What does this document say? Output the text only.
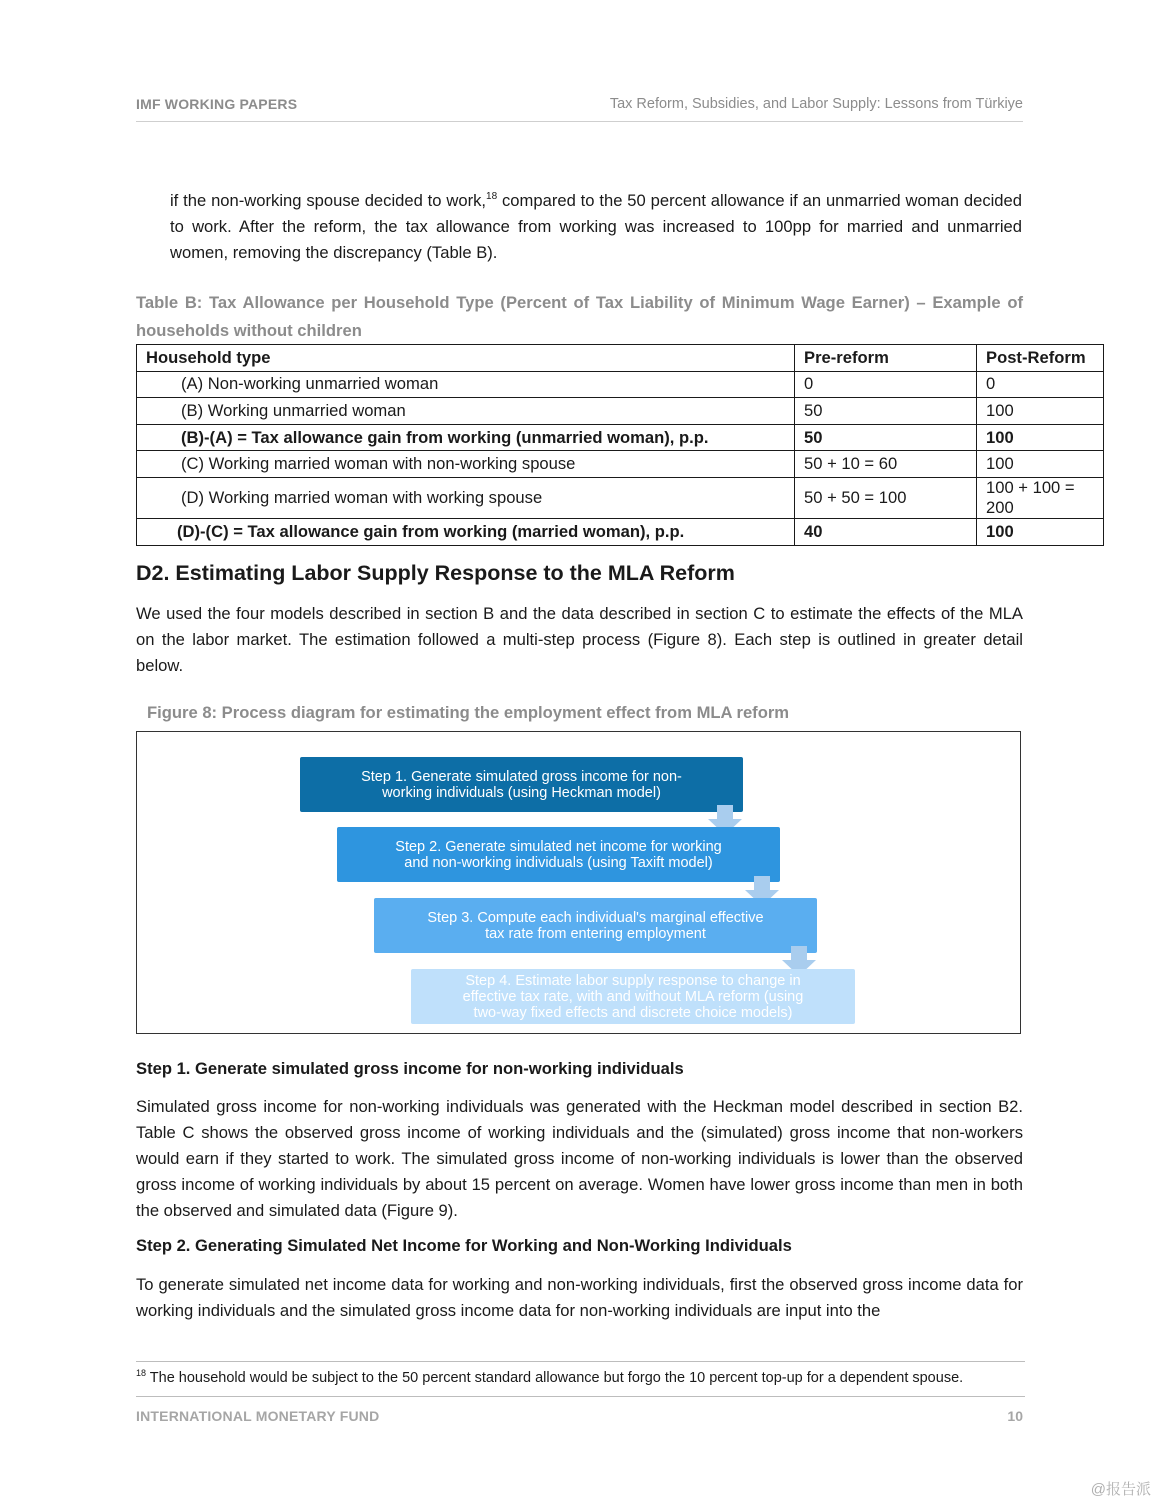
IMF WORKING PAPERS	Tax Reform, Subsidies, and Labor Supply: Lessons from Türkiye
if the non-working spouse decided to work,$^{18}$ compared to the 50 percent allowance if an unmarried woman decided to work. After the reform, the tax allowance from working was increased to 100pp for married and unmarried women, removing the discrepancy (Table B).
Table B: Tax Allowance per Household Type (Percent of Tax Liability of Minimum Wage Earner) – Example of households without children
Household type	Pre-reform	Post-Reform
(A) Non-working unmarried woman	0	0
(B) Working unmarried woman	50	100
(B)-(A) = Tax allowance gain from working (unmarried woman), p.p.	50	100
(C) Working married woman with non-working spouse	50 + 10 = 60	100
(D) Working married woman with working spouse	50 + 50 = 100	100 + 100 = 200
(D)-(C) = Tax allowance gain from working (married woman), p.p.	40	100
D2. Estimating Labor Supply Response to the MLA Reform
We used the four models described in section B and the data described in section C to estimate the effects of the MLA on the labor market. The estimation followed a multi-step process (Figure 8). Each step is outlined in greater detail below.
Figure 8: Process diagram for estimating the employment effect from MLA reform
Step 1. Generate simulated gross income for non-
working individuals (using Heckman model)
Step 2. Generate simulated net income for working
and non-working individuals (using Taxift model)
Step 3. Compute each individual's marginal effective
tax rate from entering employment
Step 4. Estimate labor supply response to change in
effective tax rate, with and without MLA reform (using
two-way fixed effects and discrete choice models)
Step 1. Generate simulated gross income for non-working individuals
Simulated gross income for non-working individuals was generated with the Heckman model described in section B2. Table C shows the observed gross income of working individuals and the (simulated) gross income that non-workers would earn if they started to work. The simulated gross income of non-working individuals is lower than the observed gross income of working individuals by about 15 percent on average. Women have lower gross income than men in both the observed and simulated data (Figure 9).
Step 2. Generating Simulated Net Income for Working and Non-Working Individuals
To generate simulated net income data for working and non-working individuals, first the observed gross income data for working individuals and the simulated gross income data for non-working individuals are input into the
$^{18}$ The household would be subject to the 50 percent standard allowance but forgo the 10 percent top-up for a dependent spouse.
INTERNATIONAL MONETARY FUND	10
@报告派
